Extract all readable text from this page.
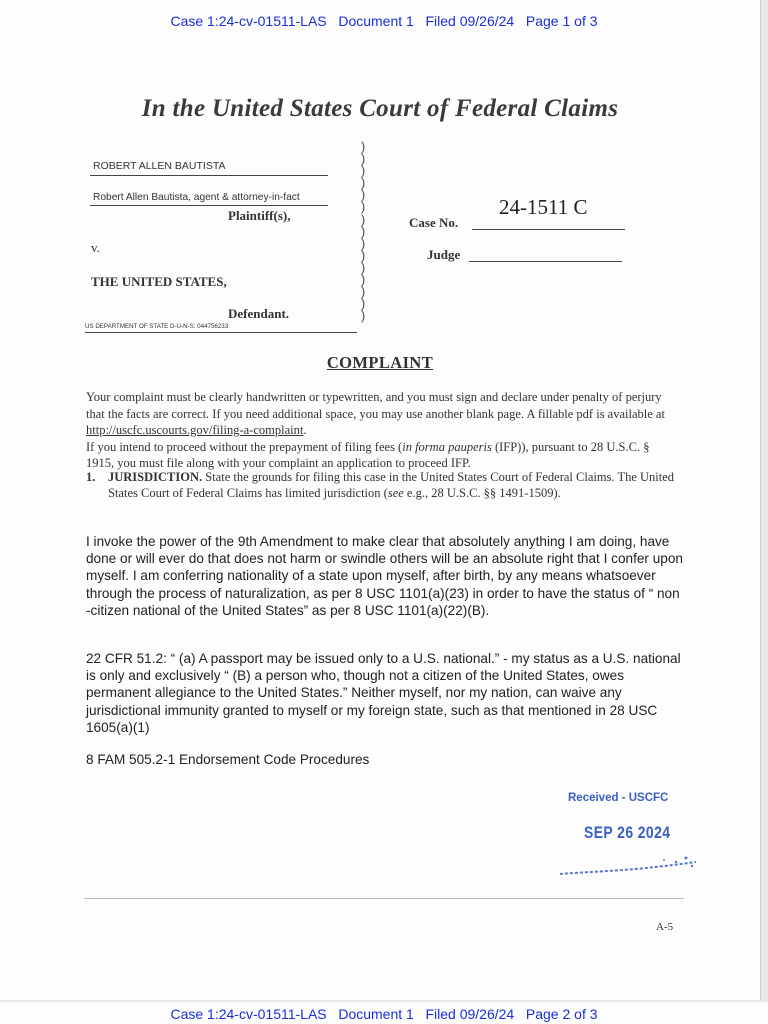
Case 1:24-cv-01511-LAS Document 1 Filed 09/26/24 Page 1 of 3
In the United States Court of Federal Claims
ROBERT ALLEN BAUTISTA
Robert Allen Bautista, agent & attorney-in-fact
Plaintiff(s),
v.
THE UNITED STATES,
Defendant.
US DEPARTMENT OF STATE D-U-N-S: 044756233
)
)
)
)
)
)
)
)
)
)
)
)
)
)
)
Case No.
24-1511 C
Judge
COMPLAINT

Your complaint must be clearly handwritten or typewritten, and you must sign and declare under penalty of perjury that the facts are correct. If you need additional space, you may use another blank page. A fillable pdf is available at http://uscfc.uscourts.gov/filing-a-complaint.

If you intend to proceed without the prepayment of filing fees (in forma pauperis (IFP)), pursuant to 28 U.S.C. § 1915, you must file along with your complaint an application to proceed IFP.

1. JURISDICTION. State the grounds for filing this case in the United States Court of Federal Claims. The United States Court of Federal Claims has limited jurisdiction (see e.g., 28 U.S.C. §§ 1491-1509).
I invoke the power of the 9th Amendment to make clear that absolutely anything I am doing, have done or will ever do that does not harm or swindle others will be an absolute right that I confer upon myself. I am conferring nationality of a state upon myself, after birth, by any means whatsoever through the process of naturalization, as per 8 USC 1101(a)(23) in order to have the status of “ non -citizen national of the United States” as per 8 USC 1101(a)(22)(B).
22 CFR 51.2: “ (a) A passport may be issued only to a U.S. national.” - my status as a U.S. national is only and exclusively “ (B) a person who, though not a citizen of the United States, owes permanent allegiance to the United States.” Neither myself, nor my nation, can waive any jurisdictional immunity granted to myself or my foreign state, such as that mentioned in 28 USC 1605(a)(1)
8 FAM 505.2-1 Endorsement Code Procedures
Received - USCFC
SEP 26 2024
A-5
Case 1:24-cv-01511-LAS Document 1 Filed 09/26/24 Page 2 of 3
